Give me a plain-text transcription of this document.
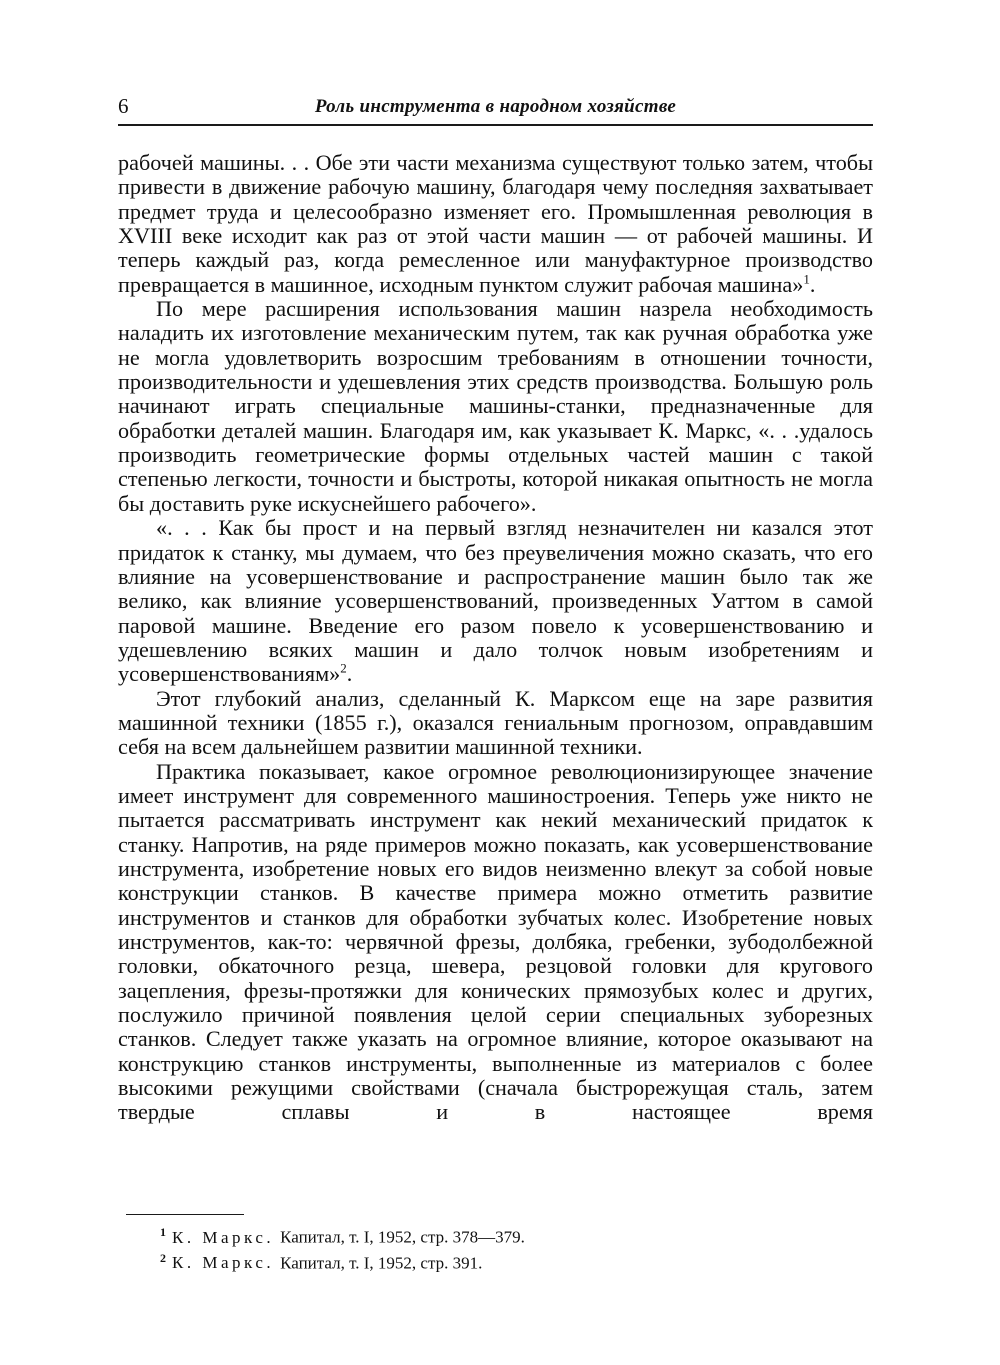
6	Роль инструмента в народном хозяйстве

рабочей машины. . . Обе эти части механизма существуют только затем, чтобы привести в движение рабочую машину, благодаря чему последняя захватывает предмет труда и целесообразно изменяет его. Промышленная революция в XVIII веке исходит как раз от этой части машин — от рабочей машины. И теперь каждый раз, когда ремесленное или мануфактурное производство превращается в машинное, исходным пунктом служит рабочая машина»$^1$.

По мере расширения использования машин назрела необходимость наладить их изготовление механическим путем, так как ручная обработка уже не могла удовлетворить возросшим требованиям в отношении точности, производительности и удешевления этих средств производства. Большую роль начинают играть специальные машины-станки, предназначенные для обработки деталей машин. Благодаря им, как указывает К. Маркс, «. . .удалось производить геометрические формы отдельных частей машин с такой степенью легкости, точности и быстроты, которой никакая опытность не могла бы доставить руке искуснейшего рабочего».

«. . . Как бы прост и на первый взгляд незначителен ни казался этот придаток к станку, мы думаем, что без преувеличения можно сказать, что его влияние на усовершенствование и распространение машин было так же велико, как влияние усовершенствований, произведенных Уаттом в самой паровой машине. Введение его разом повело к усовершенствованию и удешевлению всяких машин и дало толчок новым изобретениям и усовершенствованиям»$^2$.

Этот глубокий анализ, сделанный К. Марксом еще на заре развития машинной техники (1855 г.), оказался гениальным прогнозом, оправдавшим себя на всем дальнейшем развитии машинной техники.

Практика показывает, какое огромное революционизирующее значение имеет инструмент для современного машиностроения. Теперь уже никто не пытается рассматривать инструмент как некий механический придаток к станку. Напротив, на ряде примеров можно показать, как усовершенствование инструмента, изобретение новых его видов неизменно влекут за собой новые конструкции станков. В качестве примера можно отметить развитие инструментов и станков для обработки зубчатых колес. Изобретение новых инструментов, как-то: червячной фрезы, долбяка, гребенки, зубодолбежной головки, обкаточного резца, шевера, резцовой головки для кругового зацепления, фрезы-протяжки для конических прямозубых колес и других, послужило причиной появления целой серии специальных зуборезных станков. Следует также указать на огромное влияние, которое оказывают на конструкцию станков инструменты, выполненные из материалов с более высокими режущими свойствами (сначала быстрорежущая сталь, затем твердые сплавы и в настоящее время

$^1$ К. Маркс. Капитал, т. I, 1952, стр. 378—379.
$^2$ К. Маркс. Капитал, т. I, 1952, стр. 391.
